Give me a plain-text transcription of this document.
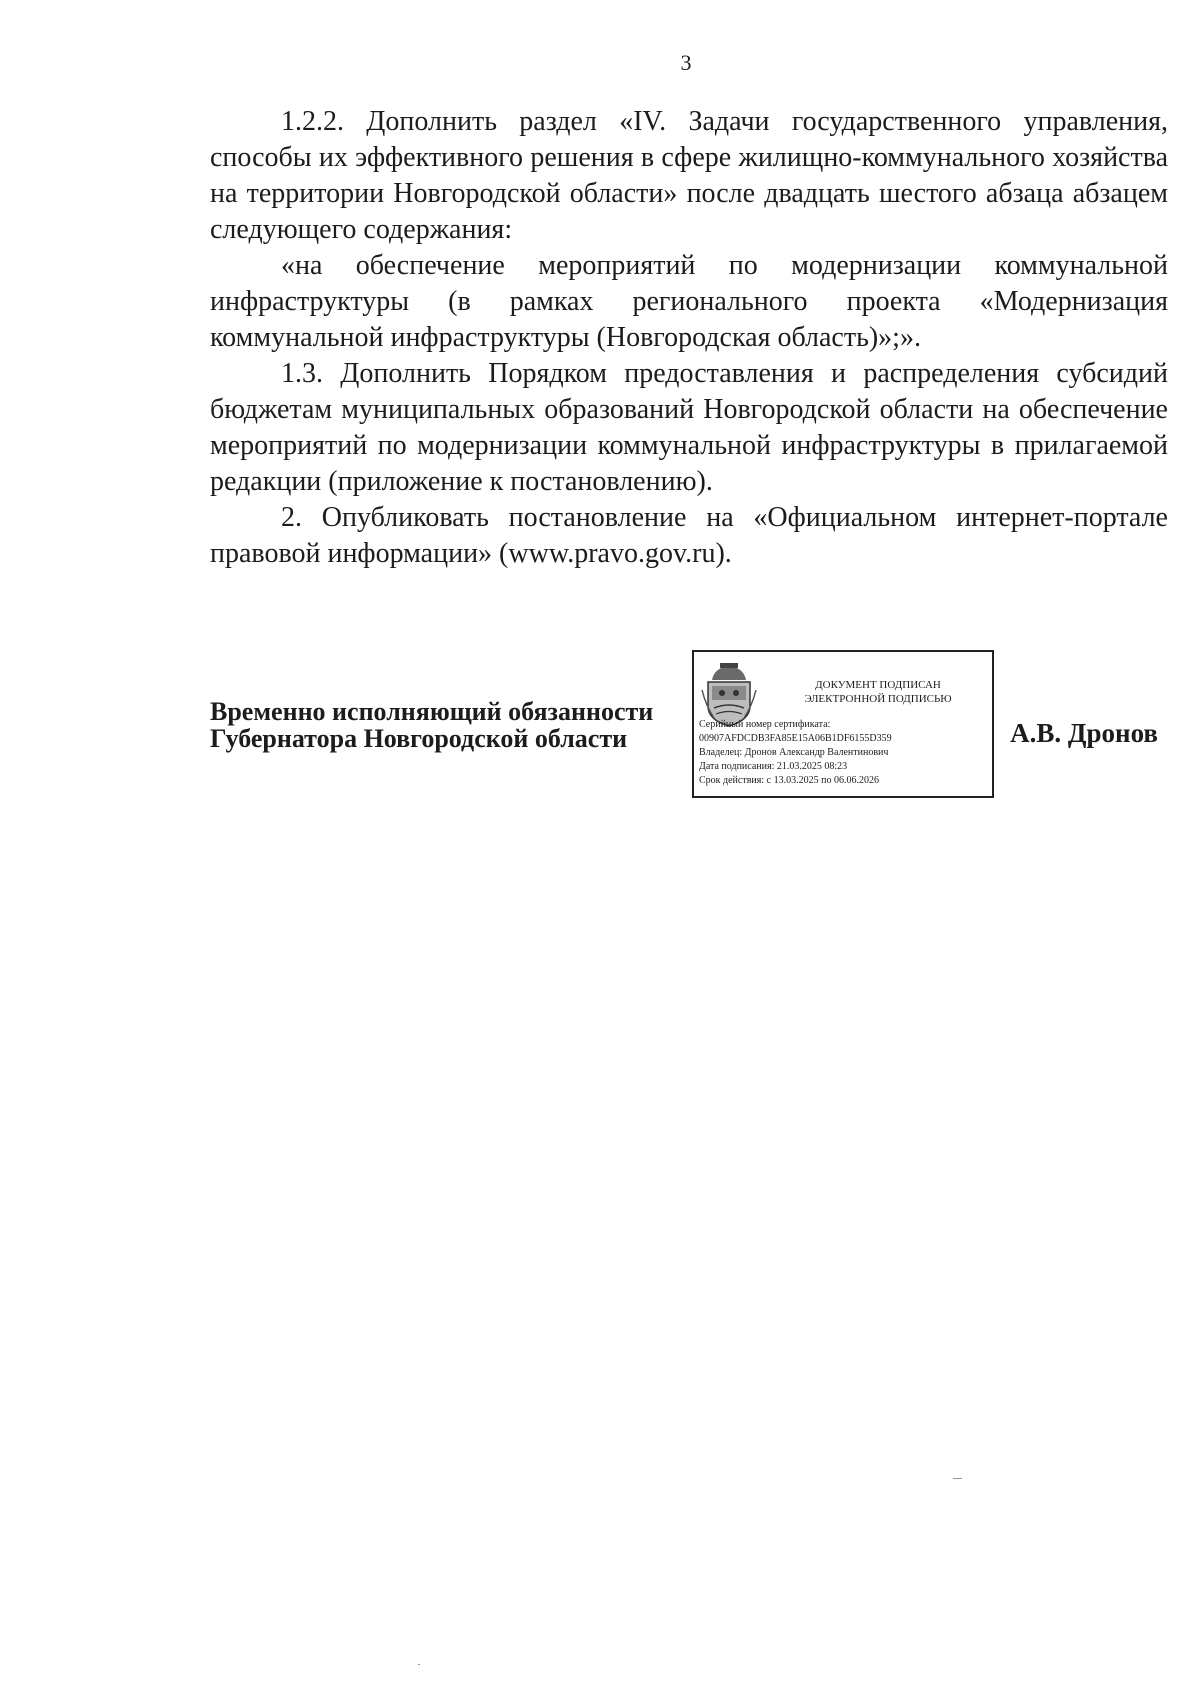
3

1.2.2. Дополнить раздел «IV. Задачи государственного управления, способы их эффективного решения в сфере жилищно-коммунального хозяйства на территории Новгородской области» после двадцать шестого абзаца абзацем следующего содержания:

«на обеспечение мероприятий по модернизации коммунальной инфраструктуры (в рамках регионального проекта «Модернизация коммунальной инфраструктуры (Новгородская область)»;».

1.3. Дополнить Порядком предоставления и распределения субсидий бюджетам муниципальных образований Новгородской области на обеспечение мероприятий по модернизации коммунальной инфраструктуры в прилагаемой редакции (приложение к постановлению).

2. Опубликовать постановление на «Официальном интернет-портале правовой информации» (www.pravo.gov.ru).

Временно исполняющий обязанности
Губернатора Новгородской области
ДОКУМЕНТ ПОДПИСАН
ЭЛЕКТРОННОЙ ПОДПИСЬЮ
Серийный номер сертификата:
00907AFDCDB3FA85E15A06B1DF6155D359
Владелец: Дронов Александр Валентинович
Дата подписания: 21.03.2025 08:23
Срок действия: с 13.03.2025 по 06.06.2026
А.В. Дронов
